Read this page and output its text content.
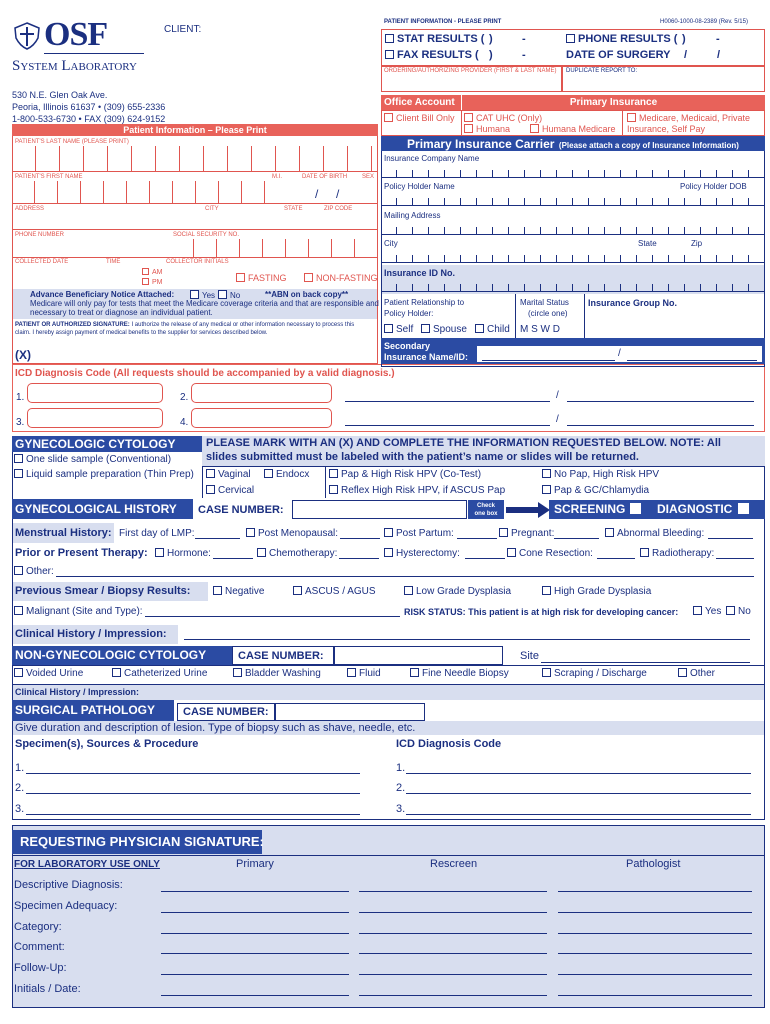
OSF
System Laboratory
CLIENT:
530 N.E. Glen Oak Ave.
Peoria, Illinois 61637 • (309) 655-2336
1-800-533-6730 • FAX (309) 624-9152
PATIENT INFORMATION - PLEASE PRINT	H0060-1000-08-2389 (Rev. 5/15)
STAT RESULTS ( )	-
FAX RESULTS ( )	-
PHONE RESULTS ( )	-
DATE OF SURGERY /	/
ORDERING/AUTHORIZING PROVIDER (FIRST & LAST NAME) DUPLICATE REPORT TO:
Patient Information – Please Print
PATIENT'S LAST NAME (PLEASE PRINT)
PATIENT'S FIRST NAME	M.I.	DATE OF BIRTH SEX
/ /
ADDRESS	CITY	STATE	ZIP CODE
PHONE NUMBER	SOCIAL SECURITY NO.
COLLECTED DATE	TIME	COLLECTOR INITIALS
AM
PM	FASTING	NON-FASTING
Advance Beneficiary Notice Attached:	Yes	No	**ABN on back copy**
Medicare will only pay for tests that meet the Medicare coverage criteria and that are responsible and
necessary to treat or diagnose an individual patient.
PATIENT OR AUTHORIZED SIGNATURE: I authorize the release of any medical or other information necessary to process this
claim. I hereby assign payment of medical benefits to the supplier for services described below.
(X)
ICD Diagnosis Code (All requests should be accompanied by a valid diagnosis.)
1.	2.
3.	4.
/
/
Office Account	Primary Insurance
Client Bill Only	CAT UHC (Only)
Humana	Humana Medicare
Medicare, Medicaid, Private
Insurance, Self Pay
Primary Insurance Carrier (Please attach a copy of Insurance Information)
Insurance Company Name
Policy Holder Name	Policy Holder DOB
Mailing Address
City	State	Zip
Insurance ID No.
Patient Relationship to
Policy Holder:
Marital Status
(circle one)
Insurance Group No.
Self	Spouse	Child M S W D
Secondary
Insurance Name/ID:	/
GYNECOLOGIC CYTOLOGY	PLEASE MARK WITH AN (X) AND COMPLETE THE INFORMATION REQUESTED BELOW. NOTE: All
slides submitted must be labeled with the patient’s name or slides will be returned.
One slide sample (Conventional)
Liquid sample preparation (Thin Prep)	Vaginal	Endocx
Cervical
Pap & High Risk HPV (Co-Test)
Reflex High Risk HPV, if ASCUS Pap
No Pap, High Risk HPV
Pap & GC/Chlamydia
GYNECOLOGICAL HISTORY	CASE NUMBER:	Check
one box	SCREENING	DIAGNOSTIC
Menstrual History: First day of LMP:	Post Menopausal:	Post Partum:	Pregnant:	Abnormal Bleeding:
Prior or Present Therapy:	Hormone:	Chemotherapy:	Hysterectomy:	Cone Resection:	Radiotherapy:
Other:
Previous Smear / Biopsy Results:	Negative	ASCUS / AGUS	Low Grade Dysplasia	High Grade Dysplasia
Malignant (Site and Type):	RISK STATUS: This patient is at high risk for developing cancer:	Yes	No
Clinical History / Impression:
NON-GYNECOLOGIC CYTOLOGY	CASE NUMBER:	Site
Voided Urine	Catheterized Urine	Bladder Washing	Fluid	Fine Needle Biopsy	Scraping / Discharge	Other
Clinical History / Impression:
SURGICAL PATHOLOGY	CASE NUMBER:
Give duration and description of lesion. Type of biopsy such as shave, needle, etc.
Specimen(s), Sources & Procedure	ICD Diagnosis Code
1.
2.
3.
1.
2.
3.
REQUESTING PHYSICIAN SIGNATURE:
FOR LABORATORY USE ONLY	Primary	Rescreen	Pathologist
Descriptive Diagnosis:
Specimen Adequacy:
Category:
Comment:
Follow-Up:
Initials / Date:
